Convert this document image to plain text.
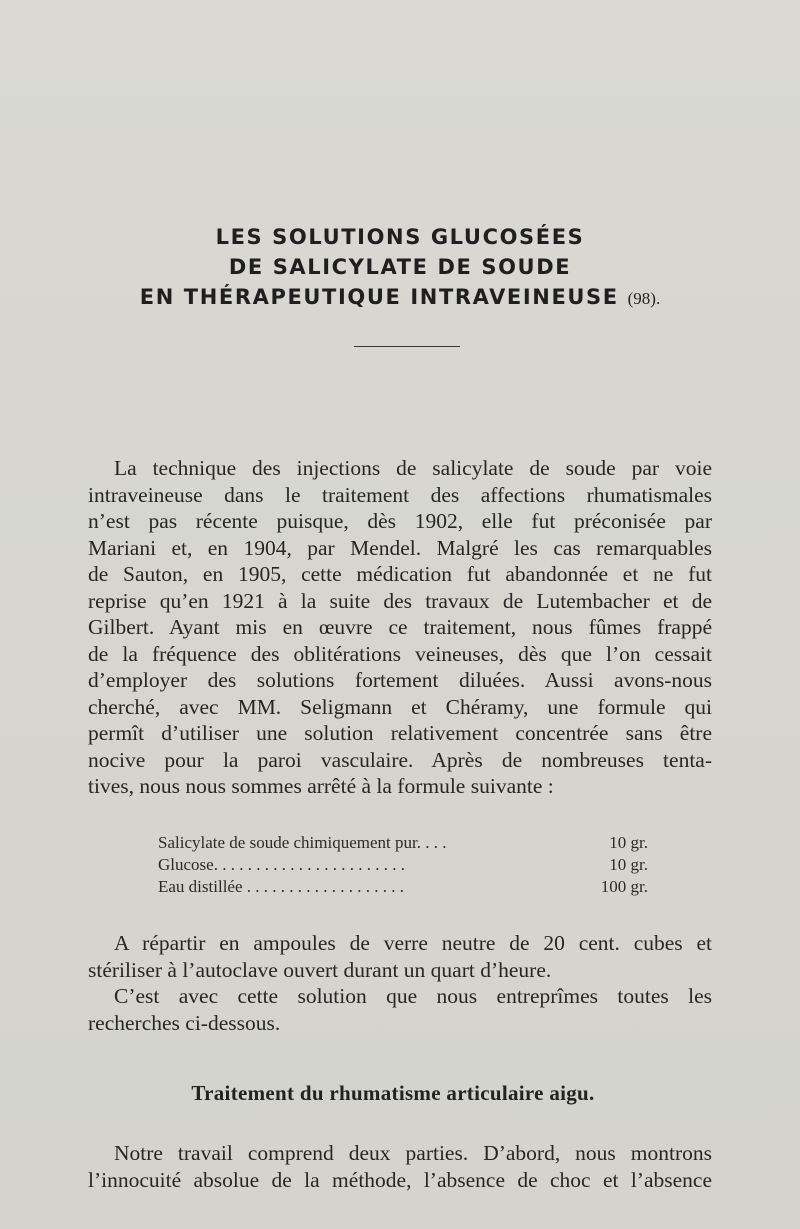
LES SOLUTIONS GLUCOSÉES
DE SALICYLATE DE SOUDE
EN THÉRAPEUTIQUE INTRAVEINEUSE (98).
La technique des injections de salicylate de soude par voie
intraveineuse dans le traitement des affections rhumatismales
n’est pas récente puisque, dès 1902, elle fut préconisée par
Mariani et, en 1904, par Mendel. Malgré les cas remarquables
de Sauton, en 1905, cette médication fut abandonnée et ne fut
reprise qu’en 1921 à la suite des travaux de Lutembacher et de
Gilbert. Ayant mis en œuvre ce traitement, nous fûmes frappé
de la fréquence des oblitérations veineuses, dès que l’on cessait
d’employer des solutions fortement diluées. Aussi avons-nous
cherché, avec MM. Seligmann et Chéramy, une formule qui
permît d’utiliser une solution relativement concentrée sans être
nocive pour la paroi vasculaire. Après de nombreuses tenta-
tives, nous nous sommes arrêté à la formule suivante :
Salicylate de soude chimiquement pur. . . .	10 gr.
Glucose. . . . . . . . . . . . . . . . . . . . . . .	10 gr.
Eau distillée . . . . . . . . . . . . . . . . . . .	100 gr.
A répartir en ampoules de verre neutre de 20 cent. cubes et
stériliser à l’autoclave ouvert durant un quart d’heure.
C’est avec cette solution que nous entreprîmes toutes les
recherches ci-dessous.
Traitement du rhumatisme articulaire aigu.
Notre travail comprend deux parties. D’abord, nous montrons
l’innocuité absolue de la méthode, l’absence de choc et l’absence
